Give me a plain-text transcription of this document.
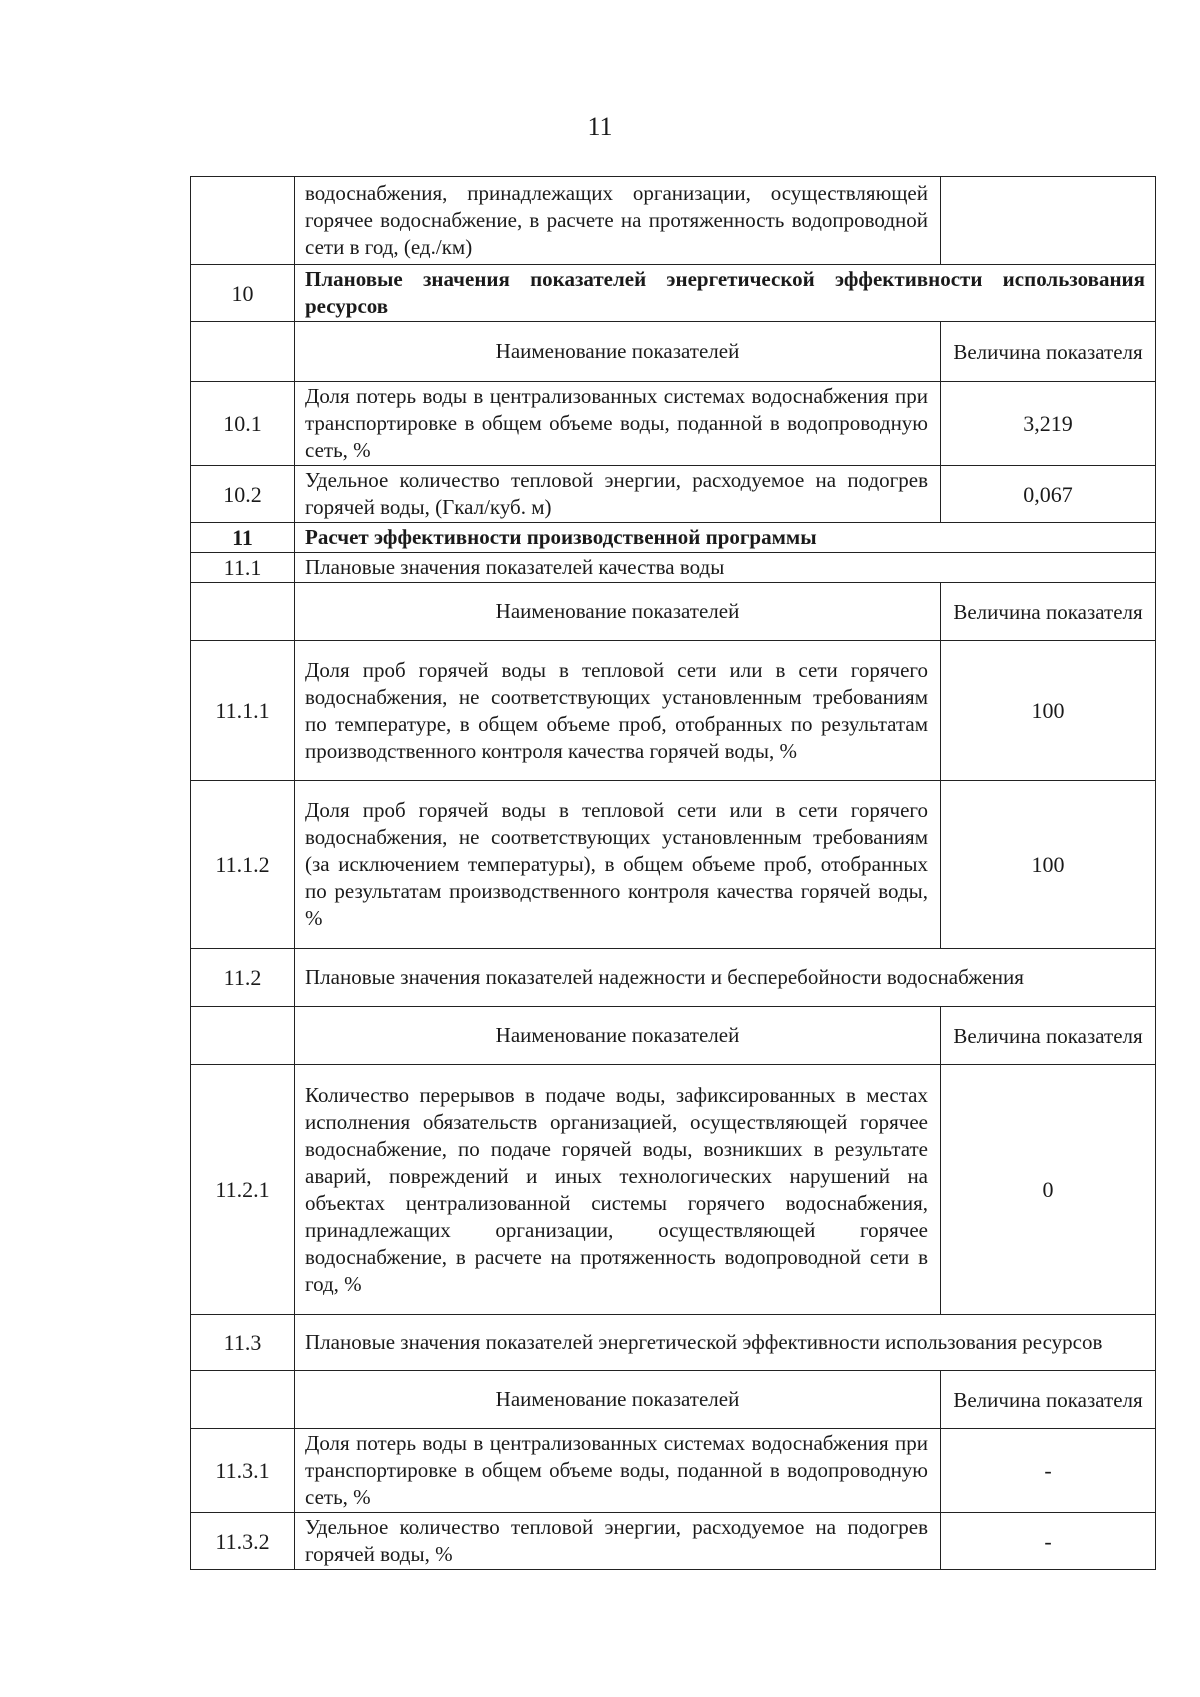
11

	водоснабжения, принадлежащих организации, осуществляющей горячее водоснабжение, в расчете на протяженность водопроводной сети в год, (ед./км)	

10	Плановые значения показателей энергетической эффективности использования ресурсов	
	Наименование показателей	Величина показателя
10.1	Доля потерь воды в централизованных системах водоснабжения при транспортировке в общем объеме воды, поданной в водопроводную сеть, %	3,219
10.2	Удельное количество тепловой энергии, расходуемое на подогрев горячей воды, (Гкал/куб. м)	0,067
11	Расчет эффективности производственной программы	
11.1	Плановые значения показателей качества воды	
	Наименование показателей	Величина показателя
11.1.1	Доля проб горячей воды в тепловой сети или в сети горячего водоснабжения, не соответствующих установленным требованиям по температуре, в общем объеме проб, отобранных по результатам производственного контроля качества горячей воды, %	100
11.1.2	Доля проб горячей воды в тепловой сети или в сети горячего водоснабжения, не соответствующих установленным требованиям (за исключением температуры), в общем объеме проб, отобранных по результатам производственного контроля качества горячей воды, %	100
11.2	Плановые значения показателей надежности и бесперебойности водоснабжения	
	Наименование показателей	Величина показателя
11.2.1	Количество перерывов в подаче воды, зафиксированных в местах исполнения обязательств организацией, осуществляющей горячее водоснабжение, по подаче горячей воды, возникших в результате аварий, повреждений и иных технологических нарушений на объектах централизованной системы горячего водоснабжения, принадлежащих организации, осуществляющей горячее водоснабжение, в расчете на протяженность водопроводной сети в год, %	0
11.3	Плановые значения показателей энергетической эффективности использования ресурсов	
	Наименование показателей	Величина показателя
11.3.1	Доля потерь воды в централизованных системах водоснабжения при транспортировке в общем объеме воды, поданной в водопроводную сеть, %	-
11.3.2	Удельное количество тепловой энергии, расходуемое на подогрев горячей воды, %	-
